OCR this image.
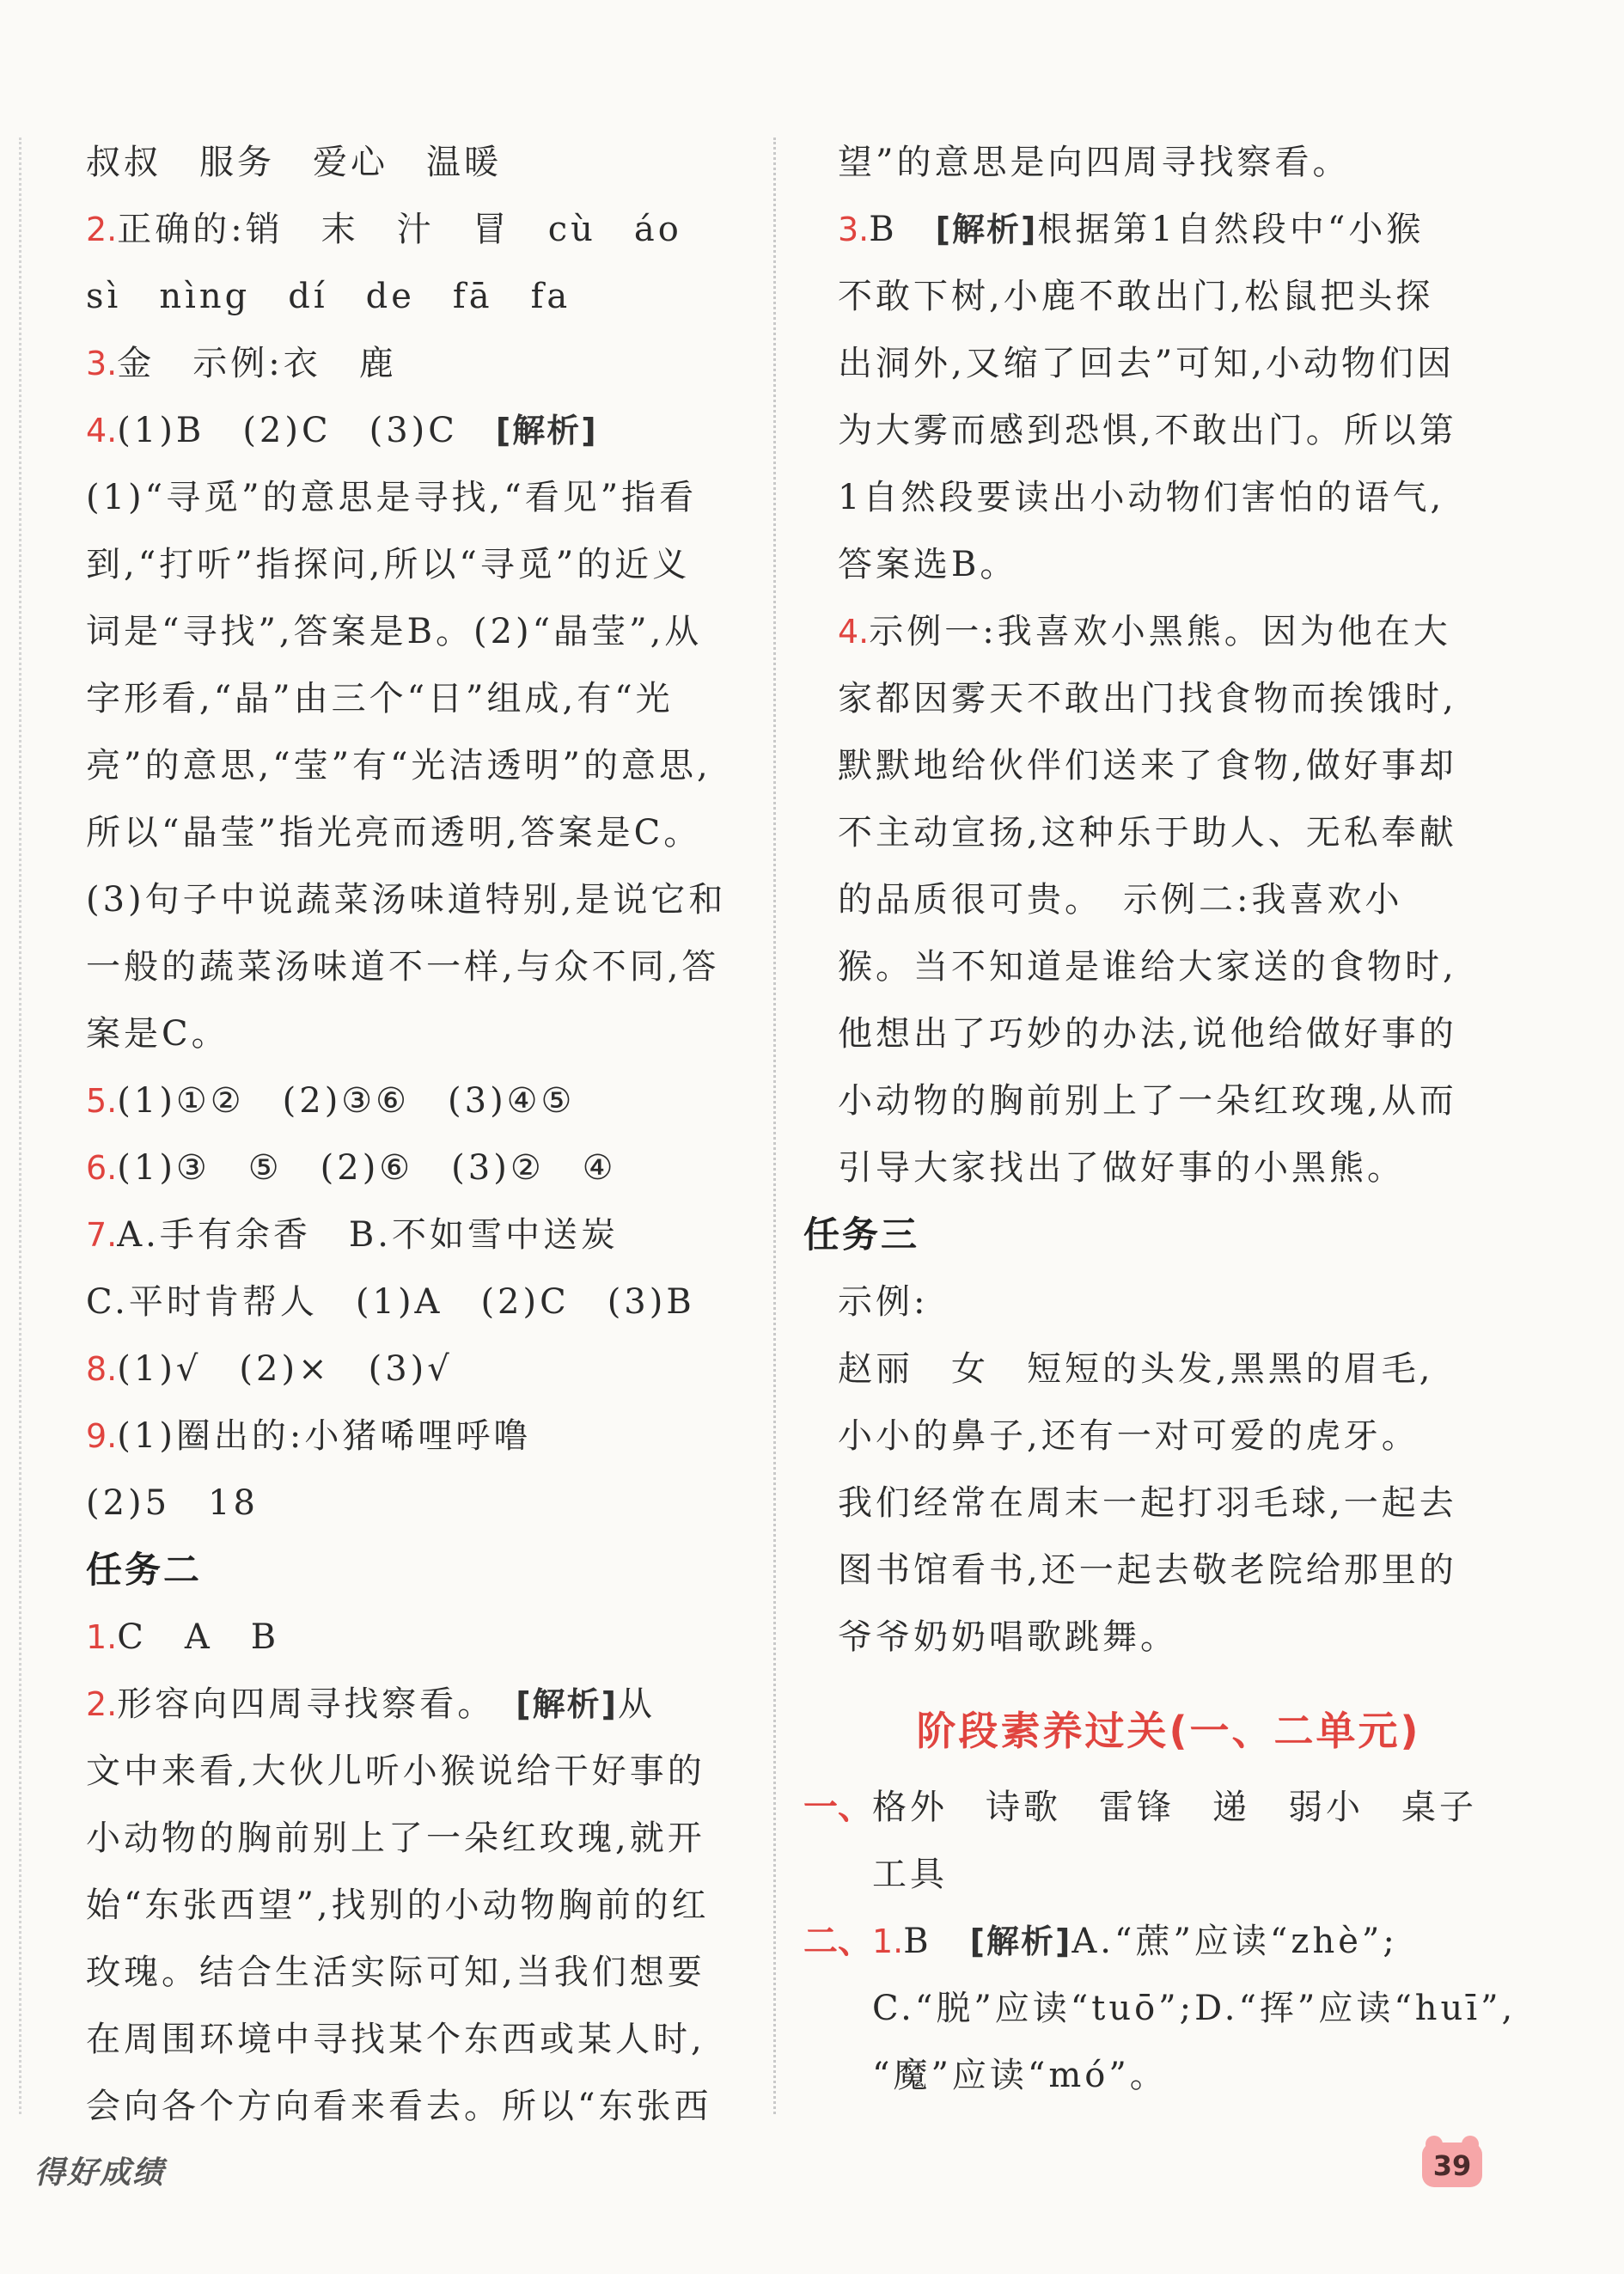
叔叔　服务　爱心　温暖
2.正确的:销　末　汁　冒　cù　áo
sì　nìng　dí　de　fā　fa
3.金　示例:衣　鹿
4.(1)B　(2)C　(3)C　[解析]
(1)“寻觅”的意思是寻找,“看见”指看
到,“打听”指探问,所以“寻觅”的近义
词是“寻找”,答案是B。(2)“晶莹”,从
字形看,“晶”由三个“日”组成,有“光
亮”的意思,“莹”有“光洁透明”的意思,
所以“晶莹”指光亮而透明,答案是C。
(3)句子中说蔬菜汤味道特别,是说它和
一般的蔬菜汤味道不一样,与众不同,答
案是C。
5.(1)①②　(2)③⑥　(3)④⑤
6.(1)③　⑤　(2)⑥　(3)②　④
7.A.手有余香　B.不如雪中送炭
C.平时肯帮人　(1)A　(2)C　(3)B
8.(1)√　(2)×　(3)√
9.(1)圈出的:小猪唏哩呼噜
(2)5　18
任务二
1.C　A　B
2.形容向四周寻找察看。　[解析]从
文中来看,大伙儿听小猴说给干好事的
小动物的胸前别上了一朵红玫瑰,就开
始“东张西望”,找别的小动物胸前的红
玫瑰。结合生活实际可知,当我们想要
在周围环境中寻找某个东西或某人时,
会向各个方向看来看去。所以“东张西
望”的意思是向四周寻找察看。
3.B　[解析]根据第1自然段中“小猴
不敢下树,小鹿不敢出门,松鼠把头探
出洞外,又缩了回去”可知,小动物们因
为大雾而感到恐惧,不敢出门。所以第
1自然段要读出小动物们害怕的语气,
答案选B。
4.示例一:我喜欢小黑熊。因为他在大
家都因雾天不敢出门找食物而挨饿时,
默默地给伙伴们送来了食物,做好事却
不主动宣扬,这种乐于助人、无私奉献
的品质很可贵。　示例二:我喜欢小
猴。当不知道是谁给大家送的食物时,
他想出了巧妙的办法,说他给做好事的
小动物的胸前别上了一朵红玫瑰,从而
引导大家找出了做好事的小黑熊。
任务三
示例:
赵丽　女　短短的头发,黑黑的眉毛,
小小的鼻子,还有一对可爱的虎牙。
我们经常在周末一起打羽毛球,一起去
图书馆看书,还一起去敬老院给那里的
爷爷奶奶唱歌跳舞。
阶段素养过关(一、二单元)
一、格外　诗歌　雷锋　递　弱小　桌子
工具
二、1.B　[解析]A.“蔗”应读“zhè”;
C.“脱”应读“tuō”;D.“挥”应读“huī”,
“魔”应读“mó”。
得好成绩	39
